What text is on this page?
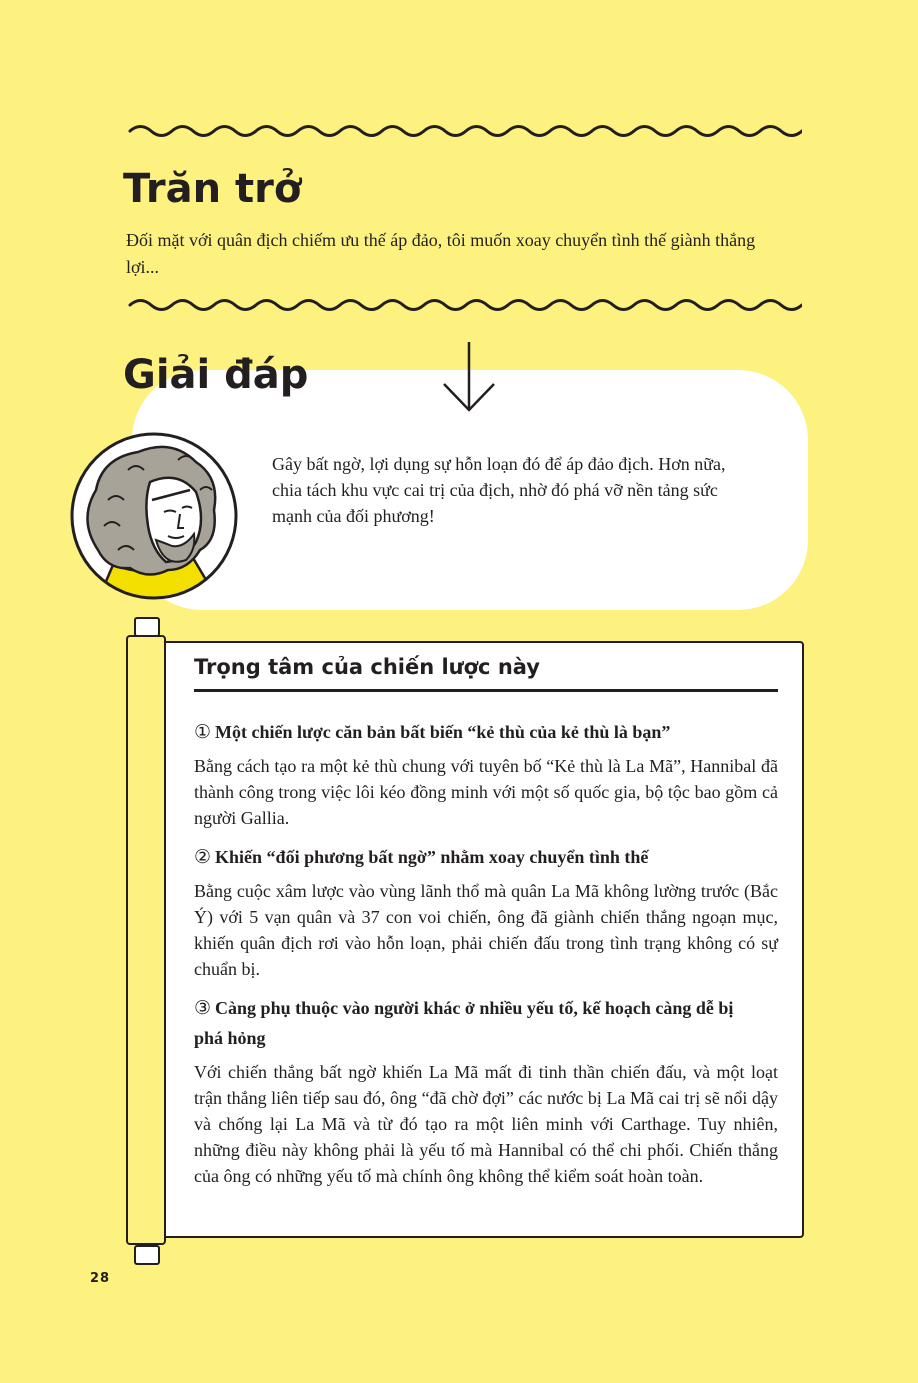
Trăn trở

Đối mặt với quân địch chiếm ưu thế áp đảo, tôi muốn xoay chuyển tình thế giành thắng lợi...

Giải đáp

Gây bất ngờ, lợi dụng sự hỗn loạn đó để áp đảo địch. Hơn nữa, chia tách khu vực cai trị của địch, nhờ đó phá vỡ nền tảng sức mạnh của đối phương!

Trọng tâm của chiến lược này

① Một chiến lược căn bản bất biến “kẻ thù của kẻ thù là bạn”

Bằng cách tạo ra một kẻ thù chung với tuyên bố “Kẻ thù là La Mã”, Hannibal đã thành công trong việc lôi kéo đồng minh với một số quốc gia, bộ tộc bao gồm cả người Gallia.

② Khiến “đối phương bất ngờ” nhằm xoay chuyển tình thế

Bằng cuộc xâm lược vào vùng lãnh thổ mà quân La Mã không lường trước (Bắc Ý) với 5 vạn quân và 37 con voi chiến, ông đã giành chiến thắng ngoạn mục, khiến quân địch rơi vào hỗn loạn, phải chiến đấu trong tình trạng không có sự chuẩn bị.

③ Càng phụ thuộc vào người khác ở nhiều yếu tố, kế hoạch càng dễ bị phá hỏng

Với chiến thắng bất ngờ khiến La Mã mất đi tinh thần chiến đấu, và một loạt trận thắng liên tiếp sau đó, ông “đã chờ đợi” các nước bị La Mã cai trị sẽ nổi dậy và chống lại La Mã và từ đó tạo ra một liên minh với Carthage. Tuy nhiên, những điều này không phải là yếu tố mà Hannibal có thể chi phối. Chiến thắng của ông có những yếu tố mà chính ông không thể kiểm soát hoàn toàn.

28
